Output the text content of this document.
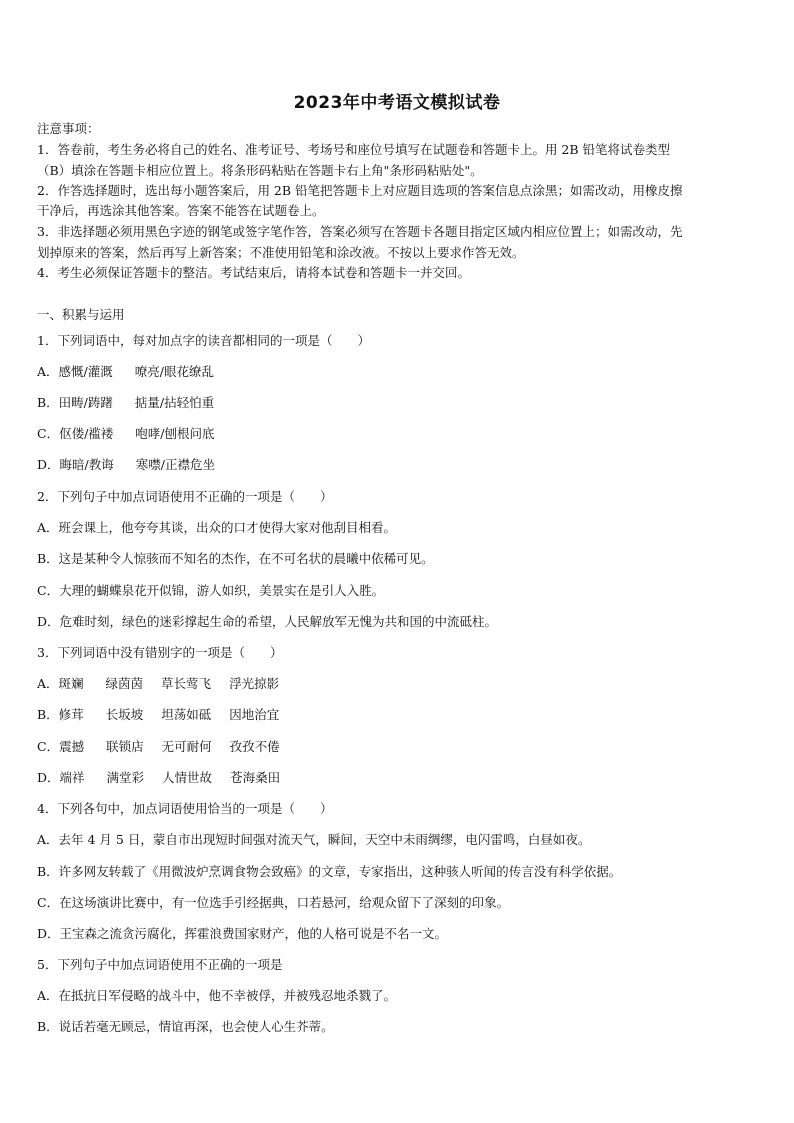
2023年中考语文模拟试卷
注意事项：
1．答卷前，考生务必将自己的姓名、准考证号、考场号和座位号填写在试题卷和答题卡上。用 2B 铅笔将试卷类型
（B）填涂在答题卡相应位置上。将条形码粘贴在答题卡右上角"条形码粘贴处"。
2．作答选择题时，选出每小题答案后，用 2B 铅笔把答题卡上对应题目选项的答案信息点涂黑；如需改动，用橡皮擦
干净后，再选涂其他答案。答案不能答在试题卷上。
3．非选择题必须用黑色字迹的钢笔或签字笔作答，答案必须写在答题卡各题目指定区域内相应位置上；如需改动，先
划掉原来的答案，然后再写上新答案；不准使用铅笔和涂改液。不按以上要求作答无效。
4．考生必须保证答题卡的整洁。考试结束后，请将本试卷和答题卡一并交回。
一、积累与运用
1．下列词语中，每对加点字的读音都相同的一项是（　　）
A．感慨/灌溉 嘹亮/眼花缭乱
B．田畴/踌躇 掂量/拈轻怕重
C．伛偻/褴褛 咆哮/刨根问底
D．晦暗/教诲 寒噤/正襟危坐
2．下列句子中加点词语使用不正确的一项是（　　）
A．班会课上，他夸夸其谈，出众的口才使得大家对他刮目相看。
B．这是某种令人惊骇而不知名的杰作，在不可名状的晨曦中依稀可见。
C．大理的蝴蝶泉花开似锦，游人如织，美景实在是引人入胜。
D．危难时刻，绿色的迷彩撑起生命的希望，人民解放军无愧为共和国的中流砥柱。
3．下列词语中没有错别字的一项是（　　）
A．斑斓 绿茵茵 草长莺飞 浮光掠影
B．修茸 长坂坡 坦荡如砥 因地治宜
C．震撼 联锁店 无可耐何 孜孜不倦
D．端祥 满堂彩 人情世故 苍海桑田
4．下列各句中，加点词语使用恰当的一项是（　　）
A．去年 4 月 5 日，蒙自市出现短时间强对流天气，瞬间，天空中未雨绸缪，电闪雷鸣，白昼如夜。
B．许多网友转载了《用微波炉烹调食物会致癌》的文章，专家指出，这种骇人听闻的传言没有科学依据。
C．在这场演讲比赛中，有一位选手引经据典，口若悬河，给观众留下了深刻的印象。
D．王宝森之流贪污腐化，挥霍浪费国家财产，他的人格可说是不名一文。
5．下列句子中加点词语使用不正确的一项是
A．在抵抗日军侵略的战斗中，他不幸被俘，并被残忍地杀戮了。
B．说话若毫无顾忌，情谊再深，也会使人心生芥蒂。
